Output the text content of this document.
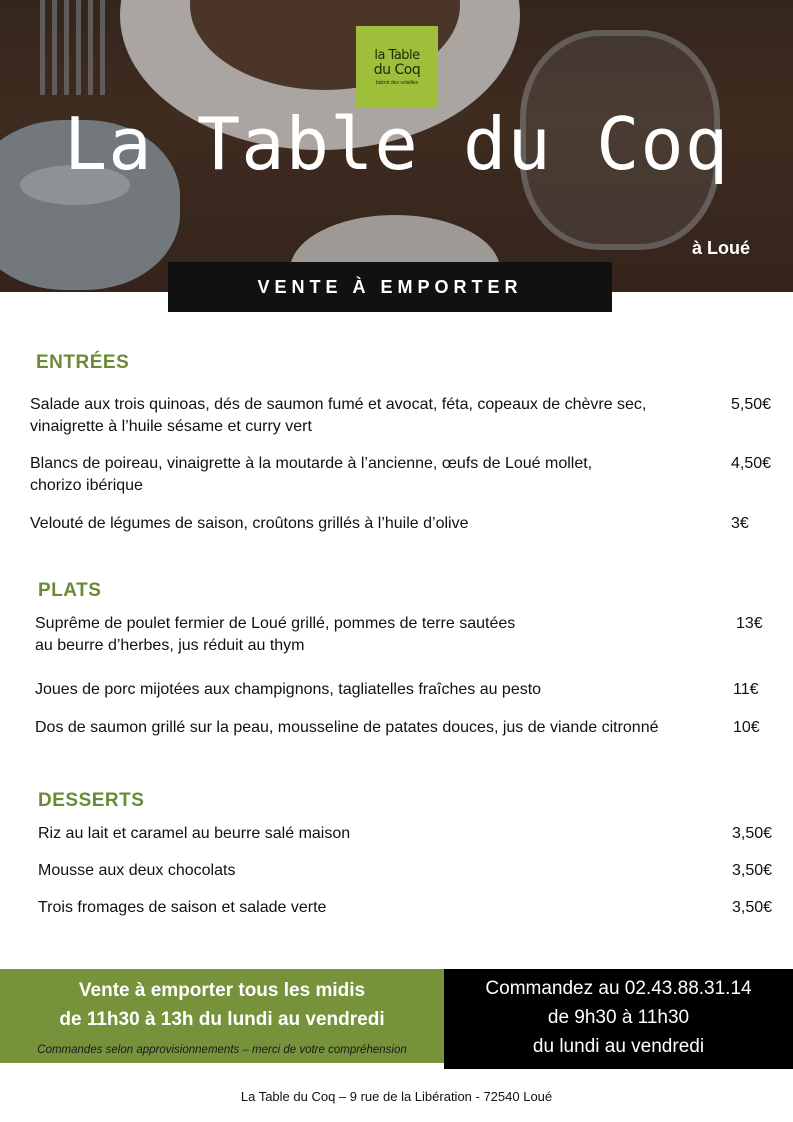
la Table
du Coq
bistrot des volailles
La Table du Coq
à Loué
VENTE À EMPORTER
ENTRÉES
Salade aux trois quinoas, dés de saumon fumé et avocat, féta, copeaux de chèvre sec,
vinaigrette à l’huile sésame et curry vert
5,50€
Blancs de poireau, vinaigrette à la moutarde à l’ancienne, œufs de Loué mollet,
chorizo ibérique
4,50€
Velouté de légumes de saison, croûtons grillés à l’huile d’olive	3€
PLATS
Suprême de poulet fermier de Loué grillé, pommes de terre sautées
au beurre d’herbes, jus réduit au thym
13€
Joues de porc mijotées aux champignons, tagliatelles fraîches au pesto	11€
Dos de saumon grillé sur la peau, mousseline de patates douces, jus de viande citronné	10€
DESSERTS
Riz au lait et caramel au beurre salé maison	3,50€
Mousse aux deux chocolats	3,50€
Trois fromages de saison et salade verte	3,50€
Vente à emporter tous les midis
de 11h30 à 13h du lundi au vendredi
Commandes selon approvisionnements – merci de votre compréhension
Commandez au 02.43.88.31.14
de 9h30 à 11h30
du lundi au vendredi
La Table du Coq – 9 rue de la Libération - 72540 Loué
